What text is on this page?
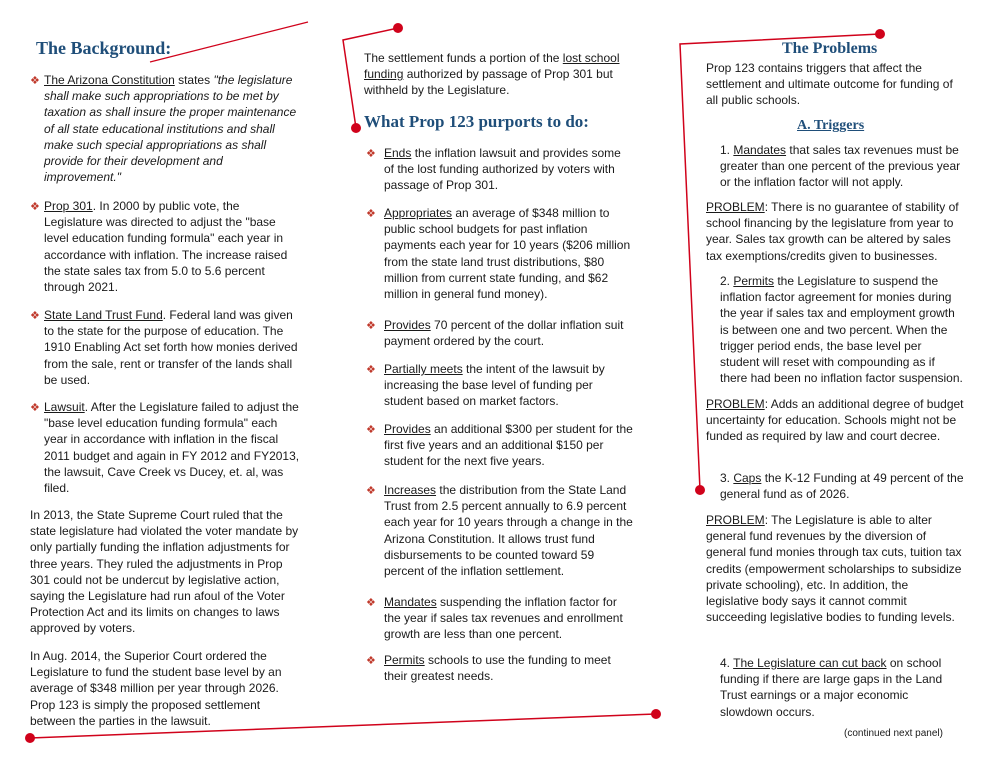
The Background:
❖ The Arizona Constitution states "the legislature shall make such appropriations to be met by taxation as shall insure the proper maintenance of all state educational institutions and shall make such special appropriations as shall provide for their development and improvement."
❖ Prop 301. In 2000 by public vote, the Legislature was directed to adjust the "base level education funding formula" each year in accordance with inflation. The increase raised the state sales tax from 5.0 to 5.6 percent through 2021.
❖ State Land Trust Fund. Federal land was given to the state for the purpose of education. The 1910 Enabling Act set forth how monies derived from the sale, rent or transfer of the lands shall be used.
❖ Lawsuit. After the Legislature failed to adjust the "base level education funding formula" each year in accordance with inflation in the fiscal 2011 budget and again in FY 2012 and FY2013, the lawsuit, Cave Creek vs Ducey, et. al, was filed.
In 2013, the State Supreme Court ruled that the state legislature had violated the voter mandate by only partially funding the inflation adjustments for three years. They ruled the adjustments in Prop 301 could not be undercut by legislative action, saying the Legislature had run afoul of the Voter Protection Act and its limits on changes to laws approved by voters.
In Aug. 2014, the Superior Court ordered the Legislature to fund the student base level by an average of $348 million per year through 2026. Prop 123 is simply the proposed settlement between the parties in the lawsuit.
The settlement funds a portion of the lost school funding authorized by passage of Prop 301 but withheld by the Legislature.
What Prop 123 purports to do:
❖ Ends the inflation lawsuit and provides some of the lost funding authorized by voters with passage of Prop 301.
❖ Appropriates an average of $348 million to public school budgets for past inflation payments each year for 10 years ($206 million from the state land trust distributions, $80 million from current state funding, and $62 million in general fund money).
❖ Provides 70 percent of the dollar inflation suit payment ordered by the court.
❖ Partially meets the intent of the lawsuit by increasing the base level of funding per student based on market factors.
❖ Provides an additional $300 per student for the first five years and an additional $150 per student for the next five years.
❖ Increases the distribution from the State Land Trust from 2.5 percent annually to 6.9 percent each year for 10 years through a change in the Arizona Constitution. It allows trust fund disbursements to be counted toward 59 percent of the inflation settlement.
❖ Mandates suspending the inflation factor for the year if sales tax revenues and enrollment growth are less than one percent.
❖ Permits schools to use the funding to meet their greatest needs.
The Problems
Prop 123 contains triggers that affect the settlement and ultimate outcome for funding of all public schools.
A. Triggers
1. Mandates that sales tax revenues must be greater than one percent of the previous year or the inflation factor will not apply.
PROBLEM: There is no guarantee of stability of school financing by the legislature from year to year. Sales tax growth can be altered by sales tax exemptions/credits given to businesses.
2. Permits the Legislature to suspend the inflation factor agreement for monies during the year if sales tax and employment growth is between one and two percent. When the trigger period ends, the base level per student will reset with compounding as if there had been no inflation factor suspension.
PROBLEM: Adds an additional degree of budget uncertainty for education. Schools might not be funded as required by law and court decree.
3. Caps the K-12 Funding at 49 percent of the general fund as of 2026.
PROBLEM: The Legislature is able to alter general fund revenues by the diversion of general fund monies through tax cuts, tuition tax credits (empowerment scholarships to subsidize private schooling), etc. In addition, the legislative body says it cannot commit succeeding legislative bodies to funding levels.
4. The Legislature can cut back on school funding if there are large gaps in the Land Trust earnings or a major economic slowdown occurs.
(continued next panel)
